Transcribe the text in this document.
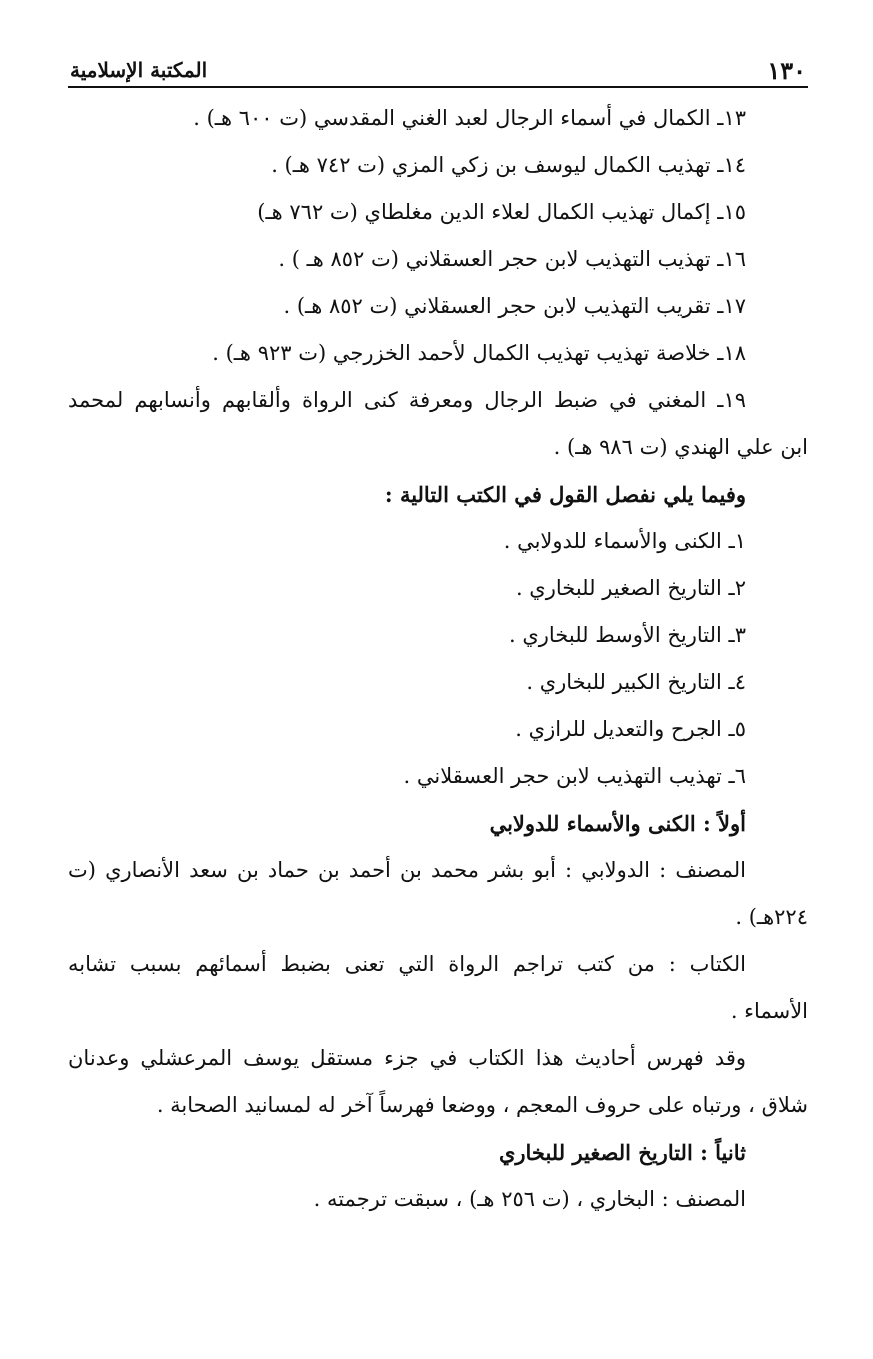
١٣٠
المكتبة الإسلامية
١٣ـ الكمال في أسماء الرجال لعبد الغني المقدسي (ت ٦٠٠ هـ) .
١٤ـ تهذيب الكمال ليوسف بن زكي المزي (ت ٧٤٢ هـ) .
١٥ـ إكمال تهذيب الكمال لعلاء الدين مغلطاي (ت ٧٦٢ هـ)
١٦ـ تهذيب التهذيب لابن حجر العسقلاني (ت ٨٥٢ هـ ) .
١٧ـ تقريب التهذيب لابن حجر العسقلاني (ت ٨٥٢ هـ) .
١٨ـ خلاصة تهذيب تهذيب الكمال لأحمد الخزرجي (ت ٩٢٣ هـ) .
١٩ـ المغني في ضبط الرجال ومعرفة كنى الرواة وألقابهم وأنسابهم لمحمد
ابن علي الهندي (ت ٩٨٦ هـ) .
وفيما يلي نفصل القول في الكتب التالية :
١ـ الكنى والأسماء للدولابي .
٢ـ التاريخ الصغير للبخاري .
٣ـ التاريخ الأوسط للبخاري .
٤ـ التاريخ الكبير للبخاري .
٥ـ الجرح والتعديل للرازي .
٦ـ تهذيب التهذيب لابن حجر العسقلاني .
أولاً : الكنى والأسماء للدولابي
المصنف : الدولابي : أبو بشر محمد بن أحمد بن حماد بن سعد الأنصاري (ت
٢٢٤هـ) .
الكتاب : من كتب تراجم الرواة التي تعنى بضبط أسمائهم بسبب تشابه
الأسماء .
وقد فهرس أحاديث هذا الكتاب في جزء مستقل يوسف المرعشلي وعدنان
شلاق ، ورتباه على حروف المعجم ، ووضعا فهرساً آخر له لمسانيد الصحابة .
ثانياً : التاريخ الصغير للبخاري
المصنف : البخاري ، (ت ٢٥٦ هـ) ، سبقت ترجمته .
